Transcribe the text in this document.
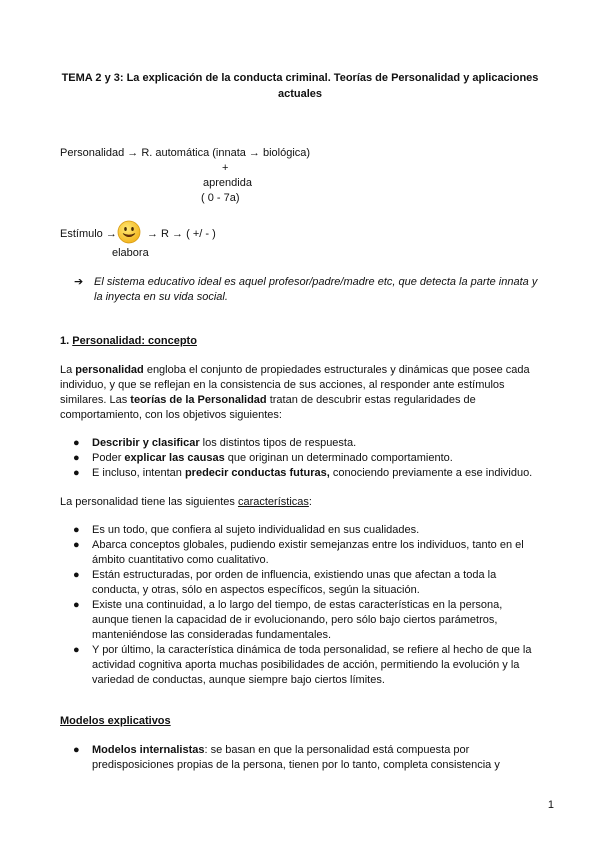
TEMA 2 y 3: La explicación de la conducta criminal. Teorías de Personalidad y aplicaciones actuales
Personalidad → R. automática (innata → biológica)
+
aprendida
( 0 - 7a)
Estímulo →	→ R → ( +/ - )
elabora
➔ El sistema educativo ideal es aquel profesor/padre/madre etc, que detecta la parte innata y la inyecta en su vida social.
1. Personalidad: concepto
La personalidad engloba el conjunto de propiedades estructurales y dinámicas que posee cada individuo, y que se reflejan en la consistencia de sus acciones, al responder ante estímulos similares. Las teorías de la Personalidad tratan de descubrir estas regularidades de comportamiento, con los objetivos siguientes:
● Describir y clasificar los distintos tipos de respuesta.
● Poder explicar las causas que originan un determinado comportamiento.
● E incluso, intentan predecir conductas futuras, conociendo previamente a ese individuo.
La personalidad tiene las siguientes características:
● Es un todo, que confiera al sujeto individualidad en sus cualidades.
● Abarca conceptos globales, pudiendo existir semejanzas entre los individuos, tanto en el ámbito cuantitativo como cualitativo.
● Están estructuradas, por orden de influencia, existiendo unas que afectan a toda la conducta, y otras, sólo en aspectos específicos, según la situación.
● Existe una continuidad, a lo largo del tiempo, de estas características en la persona, aunque tienen la capacidad de ir evolucionando, pero sólo bajo ciertos parámetros, manteniéndose las consideradas fundamentales.
● Y por último, la característica dinámica de toda personalidad, se refiere al hecho de que la actividad cognitiva aporta muchas posibilidades de acción, permitiendo la evolución y la variedad de conductas, aunque siempre bajo ciertos límites.
Modelos explicativos
● Modelos internalistas: se basan en que la personalidad está compuesta por predisposiciones propias de la persona, tienen por lo tanto, completa consistencia y
1
